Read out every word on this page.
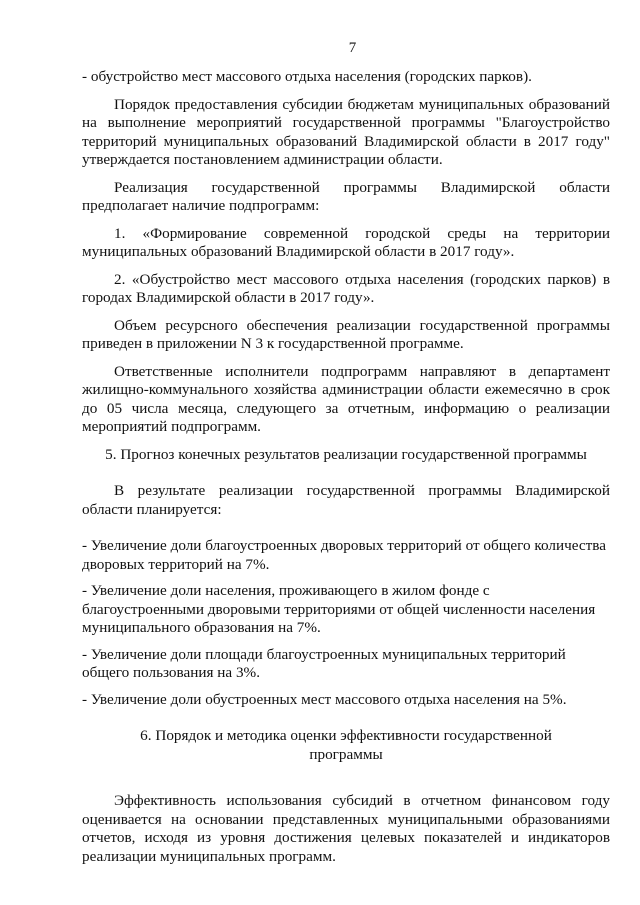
7

- обустройство мест массового отдыха населения (городских парков).

Порядок предоставления субсидии бюджетам муниципальных образований на выполнение мероприятий государственной программы "Благоустройство территорий муниципальных образований Владимирской области в 2017 году" утверждается постановлением администрации области.

Реализация государственной программы Владимирской области предполагает наличие подпрограмм:

1. «Формирование современной городской среды на территории муниципальных образований Владимирской области в 2017 году».

2. «Обустройство мест массового отдыха населения (городских парков) в городах Владимирской области в 2017 году».

Объем ресурсного обеспечения реализации государственной программы приведен в приложении N 3 к государственной программе.

Ответственные исполнители подпрограмм направляют в департамент жилищно-коммунального хозяйства администрации области ежемесячно в срок до 05 числа месяца, следующего за отчетным, информацию о реализации мероприятий подпрограмм.

5. Прогноз конечных результатов реализации государственной программы

В результате реализации государственной программы Владимирской области планируется:

- Увеличение доли благоустроенных дворовых территорий от общего количества дворовых территорий на 7%.

- Увеличение доли населения, проживающего в жилом фонде с благоустроенными дворовыми территориями от общей численности населения муниципального образования на 7%.

- Увеличение доли площади благоустроенных муниципальных территорий общего пользования на 3%.

- Увеличение доли обустроенных мест массового отдыха населения на 5%.

6. Порядок и методика оценки эффективности государственной

программы

Эффективность использования субсидий в отчетном финансовом году оценивается на основании представленных муниципальными образованиями отчетов, исходя из уровня достижения целевых показателей и индикаторов реализации муниципальных программ.
